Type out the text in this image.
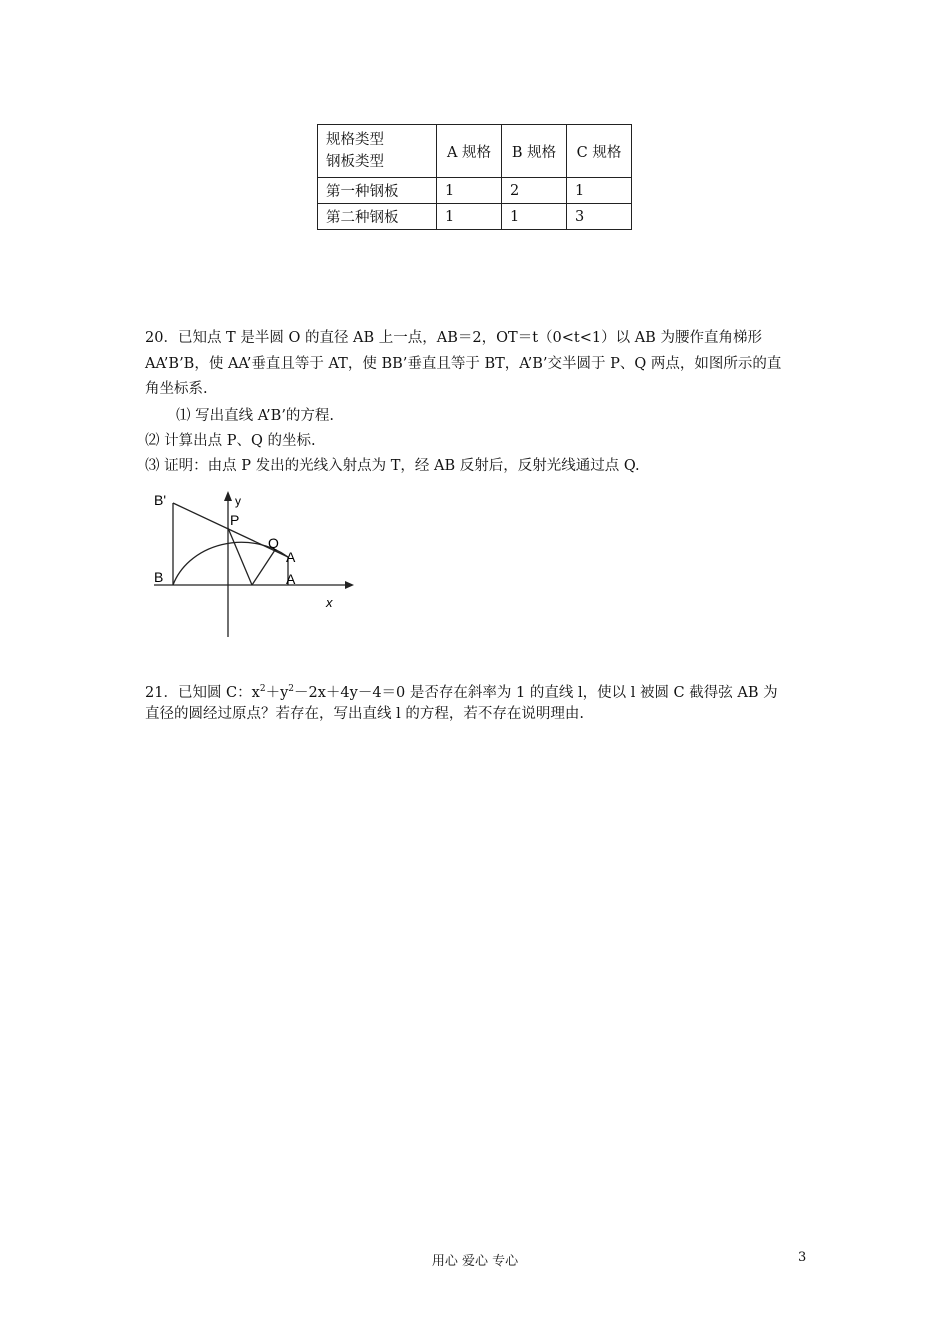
规格类型
钢板类型	A 规格	B 规格	C 规格
第一种钢板	1	2	1
第二种钢板	1	1	3
20．已知点 T 是半圆 O 的直径 AB 上一点，AB＝2，OT＝t（0<t<1）以 AB 为腰作直角梯形
AA’B’B，使 AA’垂直且等于 AT，使 BB’垂直且等于 BT，A’B’交半圆于 P、Q 两点，如图所示的直
角坐标系.
⑴ 写出直线 A’B’的方程.
⑵ 计算出点 P、Q 的坐标.
⑶ 证明：由点 P 发出的光线入射点为 T，经 AB 反射后，反射光线通过点 Q.
B'
B
P
Q
A
A
y
x
21．已知圆 C：$x^2+y^2-2x+4y-4=0$ 是否存在斜率为 1 的直线 l，使以 l 被圆 C 截得弦 AB 为
直径的圆经过原点？若存在，写出直线 l 的方程，若不存在说明理由.
用心 爱心 专心	3
